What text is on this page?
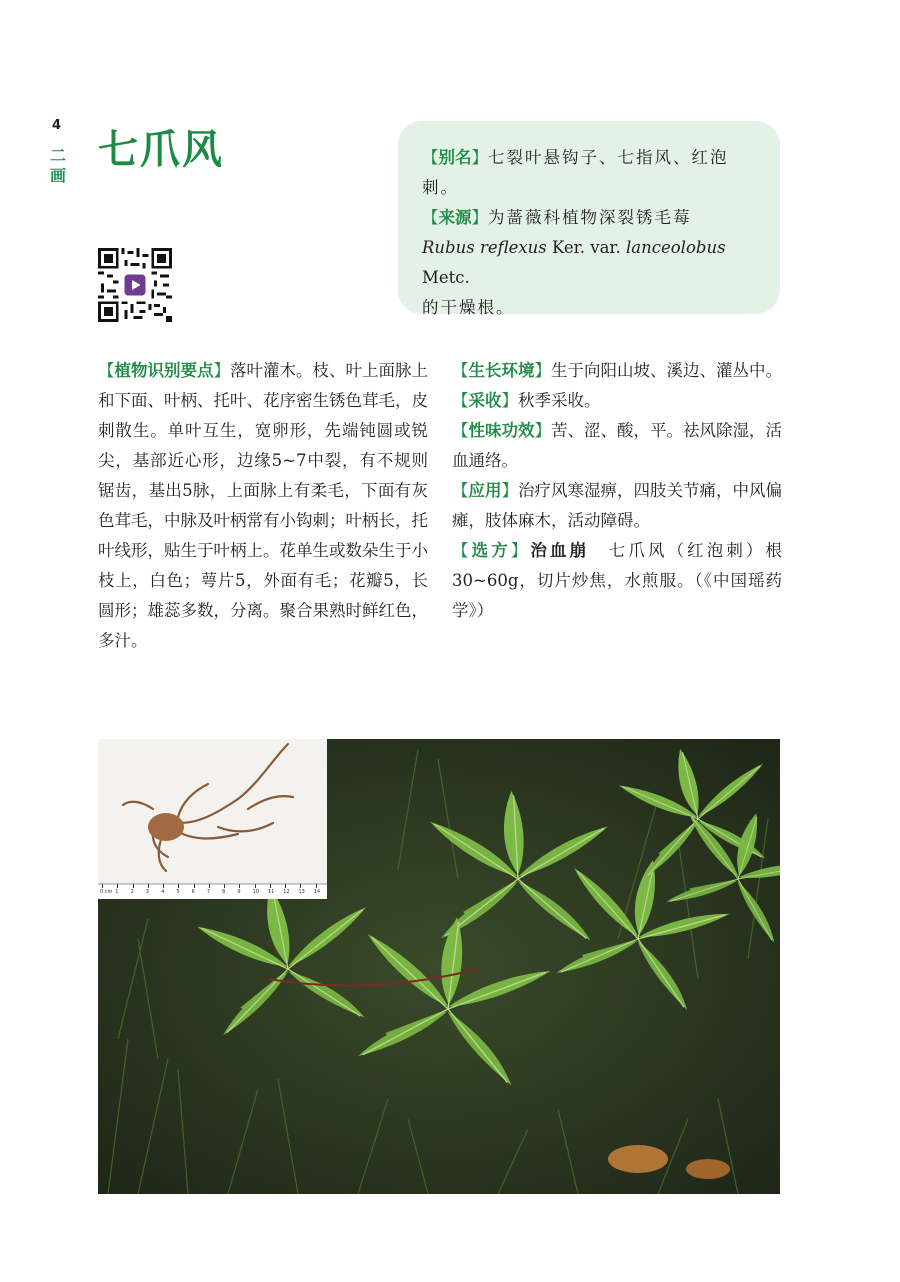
4
二画
七爪风	【别名】七裂叶悬钩子、七指风、红泡刺。

【来源】为蔷薇科植物深裂锈毛莓

Rubus reflexus Ker. var. lanceolobus Metc.

的干燥根。

【植物识别要点】落叶灌木。枝、叶上面脉上和下面、叶柄、托叶、花序密生锈色茸毛，皮刺散生。单叶互生，宽卵形，先端钝圆或锐尖，基部近心形，边缘5~7中裂，有不规则锯齿，基出5脉，上面脉上有柔毛，下面有灰色茸毛，中脉及叶柄常有小钩刺；叶柄长，托叶线形，贴生于叶柄上。花单生或数朵生于小枝上，白色；萼片5，外面有毛；花瓣5，长圆形；雄蕊多数，分离。聚合果熟时鲜红色，多汁。

【生长环境】生于向阳山坡、溪边、灌丛中。

【采收】秋季采收。

【性味功效】苦、涩、酸，平。祛风除湿，活血通络。

【应用】治疗风寒湿痹，四肢关节痛，中风偏瘫，肢体麻木，活动障碍。

【选方】治血崩　 七爪风（红泡刺）根30~60g，切片炒焦，水煎服。（《中国瑶药学》）

0 cm 1 2 3 4 5 6 7 8 9 10 11 12 13 14
